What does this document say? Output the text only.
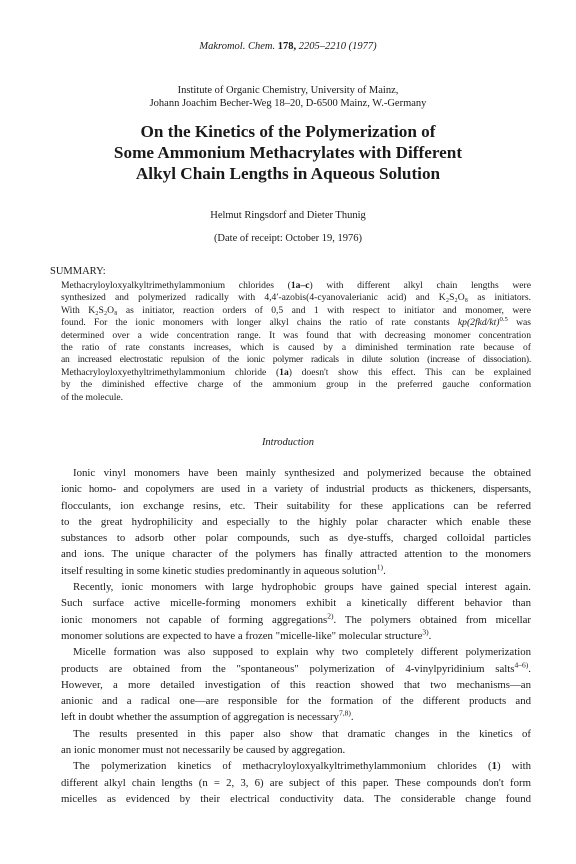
Makromol. Chem. 178, 2205–2210 (1977)
Institute of Organic Chemistry, University of Mainz,
Johann Joachim Becher-Weg 18–20, D-6500 Mainz, W.-Germany
On the Kinetics of the Polymerization of
Some Ammonium Methacrylates with Different
Alkyl Chain Lengths in Aqueous Solution
Helmut Ringsdorf and Dieter Thunig
(Date of receipt: October 19, 1976)
SUMMARY:
Methacryloyloxyalkyltrimethylammonium chlorides (1a–c) with different alkyl chain lengths were
synthesized and polymerized radically with 4,4′-azobis(4-cyanovalerianic acid) and K₂S₂O₈ as initiators.
With K₂S₂O₈ as initiator, reaction orders of 0,5 and 1 with respect to initiator and monomer, were
found. For the ionic monomers with longer alkyl chains the ratio of rate constants $kp(2fkd/kt)^{0.5}$ was
determined over a wide concentration range. It was found that with decreasing monomer concentration
the ratio of rate constants increases, which is caused by a diminished termination rate because of
an increased electrostatic repulsion of the ionic polymer radicals in dilute solution (increase of dissociation).
Methacryloyloxyethyltrimethylammonium chloride (1a) doesn't show this effect. This can be explained
by the diminished effective charge of the ammonium group in the preferred gauche conformation
of the molecule.
Introduction
Ionic vinyl monomers have been mainly synthesized and polymerized because the obtained
ionic homo- and copolymers are used in a variety of industrial products as thickeners, dispersants,
flocculants, ion exchange resins, etc. Their suitability for these applications can be referred
to the great hydrophilicity and especially to the highly polar character which enable these
substances to adsorb other polar compounds, such as dye-stuffs, charged colloidal particles
and ions. The unique character of the polymers has finally attracted attention to the monomers
itself resulting in some kinetic studies predominantly in aqueous solution$^{1)}$.
Recently, ionic monomers with large hydrophobic groups have gained special interest again.
Such surface active micelle-forming monomers exhibit a kinetically different behavior than
ionic monomers not capable of forming aggregations$^{2)}$. The polymers obtained from micellar
monomer solutions are expected to have a frozen "micelle-like" molecular structure$^{3)}$.
Micelle formation was also supposed to explain why two completely different polymerization
products are obtained from the "spontaneous" polymerization of 4-vinylpyridinium salts$^{4-6)}$.
However, a more detailed investigation of this reaction showed that two mechanisms—an
anionic and a radical one—are responsible for the formation of the different products and
left in doubt whether the assumption of aggregation is necessary$^{7,8)}$.
The results presented in this paper also show that dramatic changes in the kinetics of
an ionic monomer must not necessarily be caused by aggregation.
The polymerization kinetics of methacryloyloxyalkyltrimethylammonium chlorides (1) with
different alkyl chain lengths (n = 2, 3, 6) are subject of this paper. These compounds don't form
micelles as evidenced by their electrical conductivity data. The considerable change found
